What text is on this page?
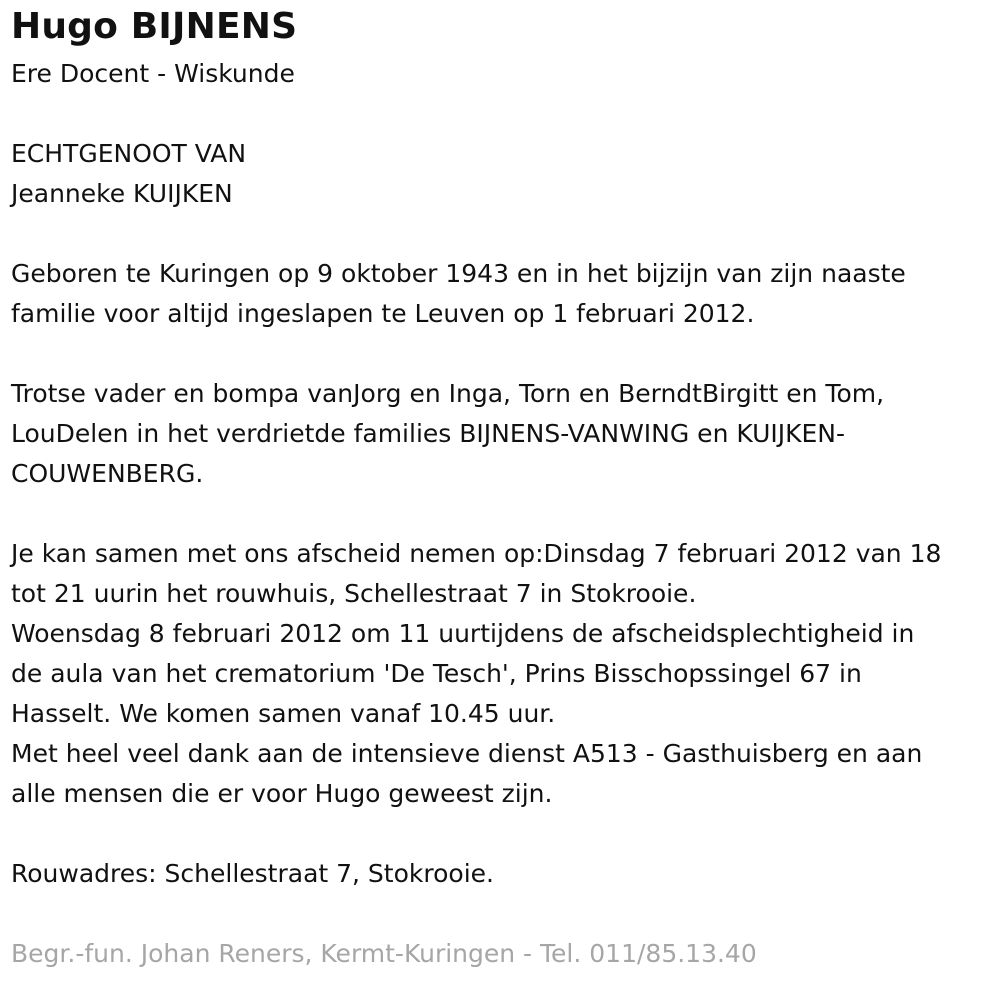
Hugo BIJNENS
Ere Docent - Wiskunde
ECHTGENOOT VAN
Jeanneke KUIJKEN
Geboren te Kuringen op 9 oktober 1943 en in het bijzijn van zijn naaste
familie voor altijd ingeslapen te Leuven op 1 februari 2012.
Trotse vader en bompa vanJorg en Inga, Torn en BerndtBirgitt en Tom,
LouDelen in het verdrietde families BIJNENS-VANWING en KUIJKEN-
COUWENBERG.
Je kan samen met ons afscheid nemen op:Dinsdag 7 februari 2012 van 18
tot 21 uurin het rouwhuis, Schellestraat 7 in Stokrooie.
Woensdag 8 februari 2012 om 11 uurtijdens de afscheidsplechtigheid in
de aula van het crematorium 'De Tesch', Prins Bisschopssingel 67 in
Hasselt. We komen samen vanaf 10.45 uur.
Met heel veel dank aan de intensieve dienst A513 - Gasthuisberg en aan
alle mensen die er voor Hugo geweest zijn.
Rouwadres: Schellestraat 7, Stokrooie.
Begr.-fun. Johan Reners, Kermt-Kuringen - Tel. 011/85.13.40
